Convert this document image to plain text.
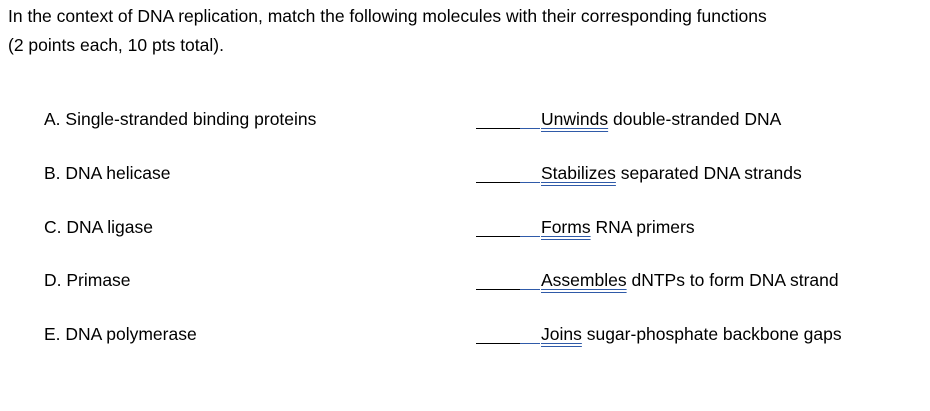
In the context of DNA replication, match the following molecules with their corresponding functions
(2 points each, 10 pts total).
A. Single-stranded binding proteins	Unwinds double-stranded DNA
B. DNA helicase	Stabilizes separated DNA strands
C. DNA ligase	Forms RNA primers
D. Primase	Assembles dNTPs to form DNA strand
E. DNA polymerase	Joins sugar-phosphate backbone gaps
